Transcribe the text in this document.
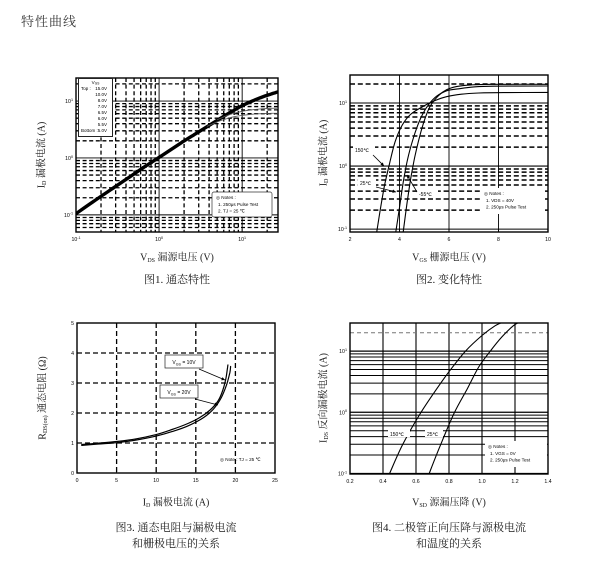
特性曲线
◎ Notes :
1. 250μs Pulse Test
2. TJ = 25 ℃
$10^{-1}$	$10^0$	$10^1$
$10^{-1}$
$10^0$
$10^1$
$V_{GS}$
Top : 15.0V
10.0V
8.0V
7.0V
6.5V
6.0V
5.5V
Bottom : 5.0V
$I_D$ 漏极电流 (A)
$V_{DS}$ 漏源电压 (V)
图1. 通态特性
◎ Notes :
1. VDS = 40V
2. 250μs Pulse Test
150℃
25℃
-55℃
2	4	6	8	10
$10^{-1}$
$10^0$
$10^1$
$I_D$ 漏极电流 (A)
$V_{GS}$ 栅源电压 (V)
图2. 变化特性
◎ Note : TJ = 25 ℃
$V_{GS} = 10V$
$V_{GS} = 20V$
0	5	10	15	20	25
0
1
2
3
4
5
$R_{DS(on)}$ 通态电阻 (Ω)
$I_D$ 漏极电流 (A)
图3. 通态电阻与漏极电流
和栅极电压的关系
◎ Notes :
1. VGS = 0V
2. 250μs Pulse Test
150℃	25℃
0.2	0.4	0.6	0.8	1.0	1.2	1.4
$10^{-1}$
$10^0$
$10^1$
$I_{DS}$ 反向漏极电流 (A)
$V_{SD}$ 源漏压降 (V)
图4. 二极管正向压降与源极电流
和温度的关系
